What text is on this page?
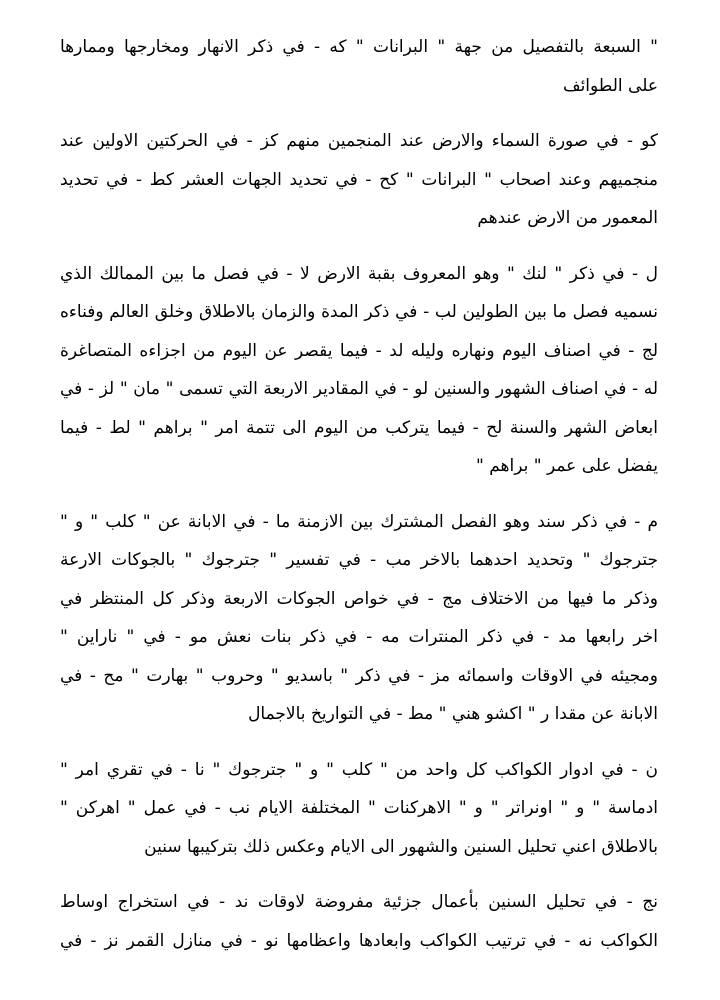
" السبعة بالتفصيل من جهة " البرانات " كه - في ذكر الانهار ومخارجها وممارها
على الطوائف
كو - في صورة السماء والارض عند المنجمين منهم كز - في الحركتين الاولين عند
منجميهم وعند اصحاب " البرانات " كح - في تحديد الجهات العشر كط - في تحديد
المعمور من الارض عندهم
ل - في ذكر " لنك " وهو المعروف بقبة الارض لا - في فصل ما بين الممالك الذي
نسميه فصل ما بين الطولين لب - في ذكر المدة والزمان بالاطلاق وخلق العالم وفناءه
لج - في اصناف اليوم ونهاره وليله لد - فيما يقصر عن اليوم من اجزاءه المتصاغرة
له - في اصناف الشهور والسنين لو - في المقادير الاربعة التي تسمى " مان " لز - في
ابعاض الشهر والسنة لح - فيما يتركب من اليوم الى تتمة امر " براهم " لط - فيما
يفضل على عمر " براهم "
م - في ذكر سند وهو الفصل المشترك بين الازمنة ما - في الابانة عن " كلب " و "
جترجوك " وتحديد احدهما بالاخر مب - في تفسير " جترجوك " بالجوكات الارعة
وذكر ما فيها من الاختلاف مج - في خواص الجوكات الاربعة وذكر كل المنتظر في
اخر رابعها مد - في ذكر المنترات مه - في ذكر بنات نعش مو - في " ناراين "
ومجيئه في الاوقات واسمائه مز - في ذكر " باسديو " وحروب " بهارت " مح - في
الابانة عن مقدا ر " اكشو هني " مط - في التواريخ بالاجمال
ن - في ادوار الكواكب كل واحد من " كلب " و " جترجوك " نا - في تقري امر "
ادماسة " و " اونراتر " و " الاهركنات " المختلفة الايام نب - في عمل " اهركن "
بالاطلاق اعني تحليل السنين والشهور الى الايام وعكس ذلك بتركيبها سنين
نج - في تحليل السنين بأعمال جزئية مفروضة لاوقات ند - في استخراج اوساط
الكواكب نه - في ترتيب الكواكب وابعادها واعظامها نو - في منازل القمر نز - في
